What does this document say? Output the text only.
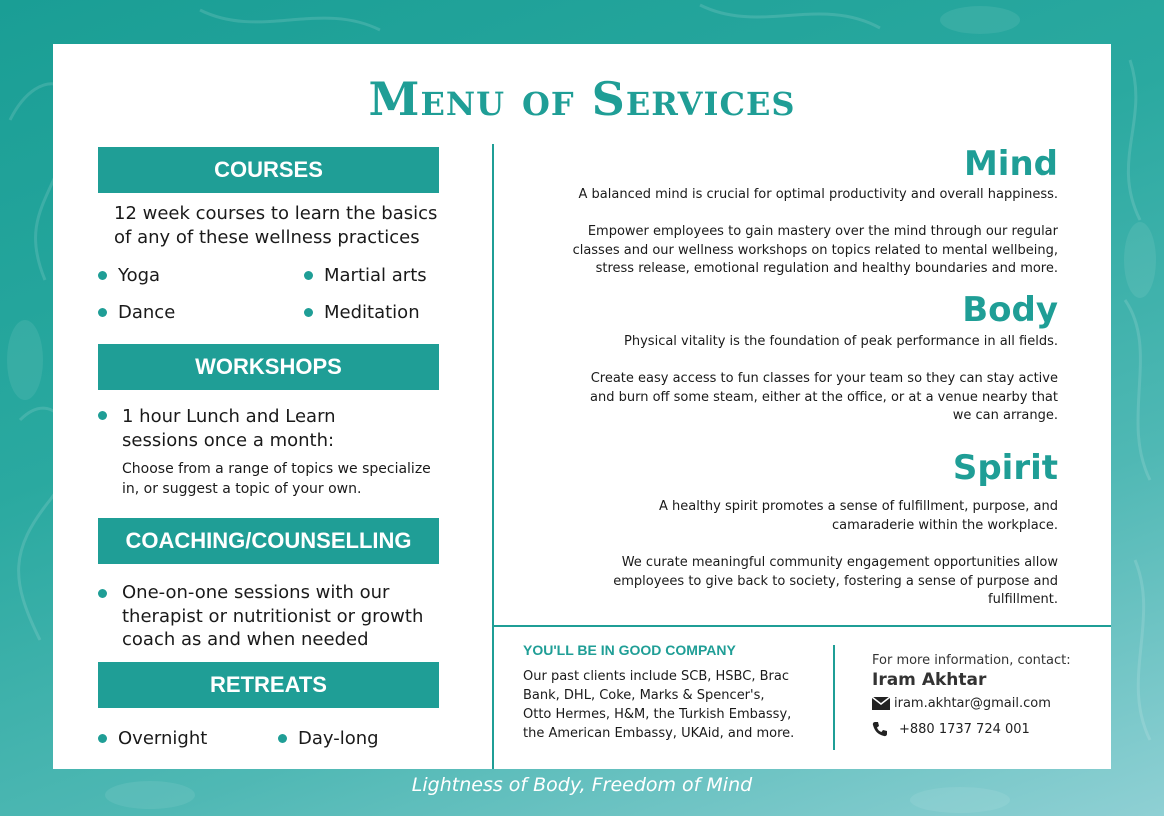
Menu of Services
COURSES
12 week courses to learn the basics
of any of these wellness practices
Yoga	Martial arts
Dance	Meditation
WORKSHOPS
1 hour Lunch and Learn
sessions once a month:
Choose from a range of topics we specialize
in, or suggest a topic of your own.
COACHING/COUNSELLING
One-on-one sessions with our
therapist or nutritionist or growth
coach as and when needed
RETREATS
Overnight	Day-long
Mind
A balanced mind is crucial for optimal productivity and overall happiness.
Empower employees to gain mastery over the mind through our regular
classes and our wellness workshops on topics related to mental wellbeing,
stress release, emotional regulation and healthy boundaries and more.
Body
Physical vitality is the foundation of peak performance in all fields.
Create easy access to fun classes for your team so they can stay active
and burn off some steam, either at the office, or at a venue nearby that
we can arrange.
Spirit
A healthy spirit promotes a sense of fulfillment, purpose, and
camaraderie within the workplace.
We curate meaningful community engagement opportunities allow
employees to give back to society, fostering a sense of purpose and
fulfillment.
YOU'LL BE IN GOOD COMPANY
Our past clients include SCB, HSBC, Brac
Bank, DHL, Coke, Marks & Spencer's,
Otto Hermes, H&M, the Turkish Embassy,
the American Embassy, UKAid, and more.
For more information, contact:
Iram Akhtar
iram.akhtar@gmail.com
+880 1737 724 001
Lightness of Body, Freedom of Mind
